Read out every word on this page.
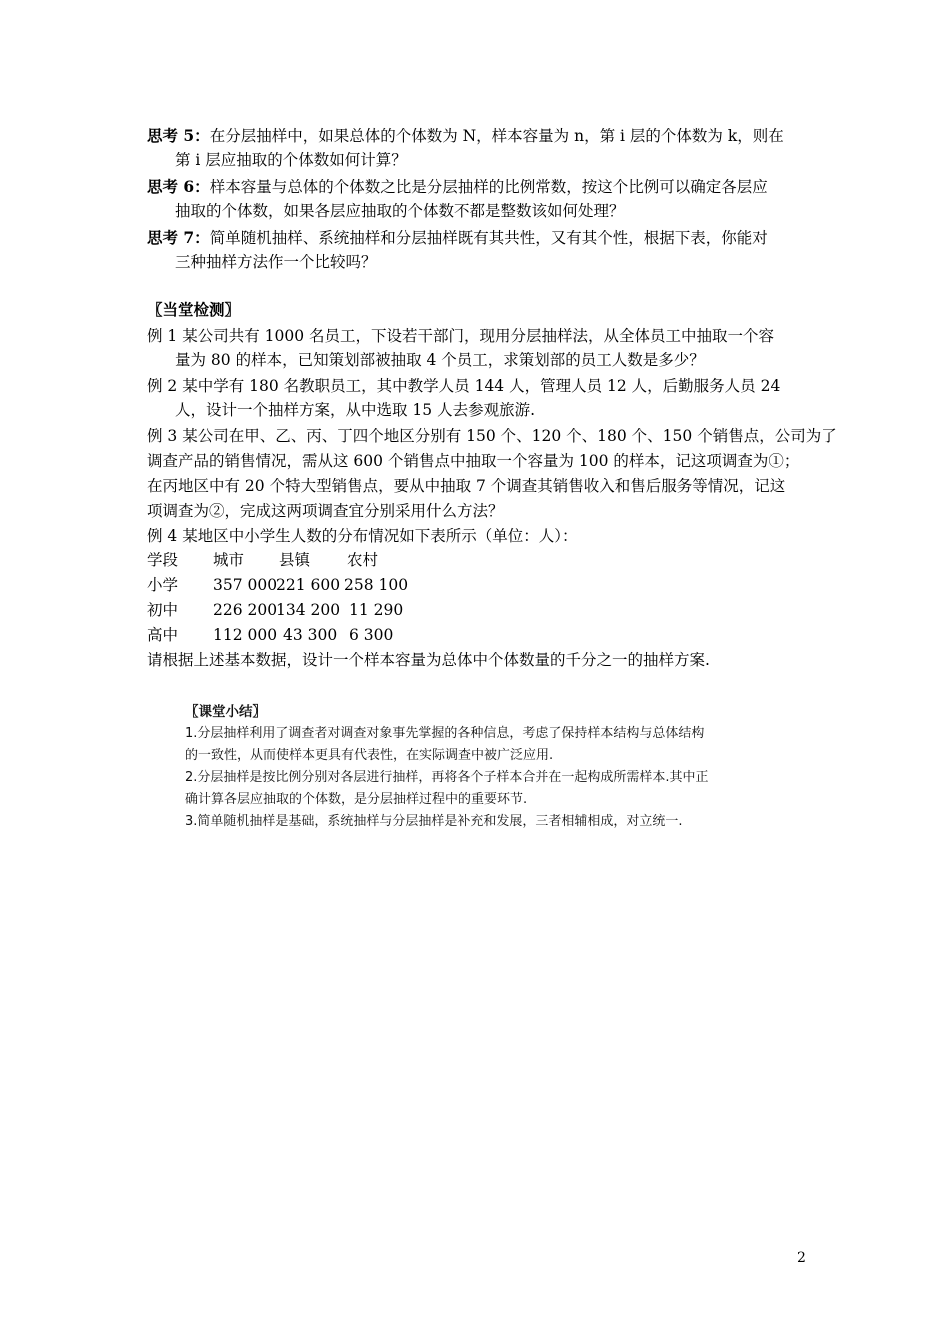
思考 5：在分层抽样中，如果总体的个体数为 N，样本容量为 n，第 i 层的个体数为 k，则在
第 i 层应抽取的个体数如何计算？
思考 6：样本容量与总体的个体数之比是分层抽样的比例常数，按这个比例可以确定各层应
抽取的个体数，如果各层应抽取的个体数不都是整数该如何处理？
思考 7：简单随机抽样、系统抽样和分层抽样既有其共性，又有其个性，根据下表，你能对
三种抽样方法作一个比较吗？
〖当堂检测〗
例 1 某公司共有 1000 名员工，下设若干部门，现用分层抽样法，从全体员工中抽取一个容
量为 80 的样本，已知策划部被抽取 4 个员工，求策划部的员工人数是多少？
例 2 某中学有 180 名教职员工，其中教学人员 144 人，管理人员 12 人，后勤服务人员 24
人，设计一个抽样方案，从中选取 15 人去参观旅游.
例 3 某公司在甲、乙、丙、丁四个地区分别有 150 个、120 个、180 个、150 个销售点，公司为了
调查产品的销售情况，需从这 600 个销售点中抽取一个容量为 100 的样本，记这项调查为①；
在丙地区中有 20 个特大型销售点，要从中抽取 7 个调查其销售收入和售后服务等情况，记这
项调查为②，完成这两项调查宜分别采用什么方法？
例 4 某地区中小学生人数的分布情况如下表所示（单位：人）：
学段 城市 县镇 农村
小学 357 000
221 600 258 100
初中 226 200
134 200 11 290
高中 112 000 43 300 6 300
请根据上述基本数据，设计一个样本容量为总体中个体数量的千分之一的抽样方案.
〖课堂小结〗
1.分层抽样利用了调查者对调查对象事先掌握的各种信息，考虑了保持样本结构与总体结构
的一致性，从而使样本更具有代表性，在实际调查中被广泛应用.
2.分层抽样是按比例分别对各层进行抽样，再将各个子样本合并在一起构成所需样本.其中正
确计算各层应抽取的个体数，是分层抽样过程中的重要环节.
3.简单随机抽样是基础，系统抽样与分层抽样是补充和发展，三者相辅相成，对立统一.
2
